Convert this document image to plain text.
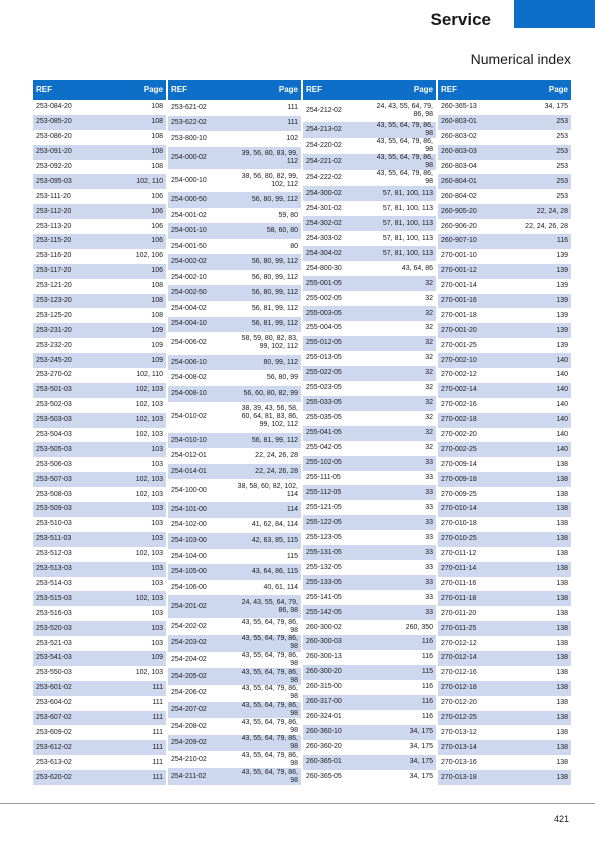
Service
Numerical index
REF	Page
253-084-20	108
253-085-20	108
253-086-20	108
253-091-20	108
253-092-20	108
253-095-03	102, 110
253-111-20	106
253-112-20	106
253-113-20	106
253-115-20	106
253-116-20	102, 106
253-117-20	106
253-121-20	108
253-123-20	108
253-125-20	108
253-231-20	109
253-232-20	109
253-245-20	109
253-270-02	102, 110
253-501-03	102, 103
253-502-03	102, 103
253-503-03	102, 103
253-504-03	102, 103
253-505-03	103
253-506-03	103
253-507-03	102, 103
253-508-03	102, 103
253-509-03	103
253-510-03	103
253-511-03	103
253-512-03	102, 103
253-513-03	103
253-514-03	103
253-515-03	102, 103
253-516-03	103
253-520-03	103
253-521-03	103
253-541-03	109
253-550-03	102, 103
253-601-02	111
253-604-02	111
253-607-02	111
253-609-02	111
253-612-02	111
253-613-02	111
253-620-02	111
REF	Page
253-621-02	111
253-622-02	111
253-800-10	102
254-000-02	39, 56, 80, 83, 99, 112
254-000-10	38, 56, 80, 82, 99, 102, 112
254-000-50	56, 80, 99, 112
254-001-02	59, 80
254-001-10	58, 60, 80
254-001-50	80
254-002-02	56, 80, 99, 112
254-002-10	56, 80, 99, 112
254-002-50	56, 80, 99, 112
254-004-02	56, 81, 99, 112
254-004-10	56, 81, 99, 112
254-006-02	58, 59, 80, 82, 83, 99, 102, 112
254-006-10	80, 99, 112
254-008-02	56, 80, 99
254-008-10	56, 60, 80, 82, 99
254-010-02	38, 39, 43, 56, 58, 60, 64, 81, 83, 86, 99, 102, 112
254-010-10	56, 81, 99, 112
254-012-01	22, 24, 26, 28
254-014-01	22, 24, 26, 28
254-100-00	38, 58, 60, 82, 102, 114
254-101-00	114
254-102-00	41, 62, 84, 114
254-103-00	42, 63, 85, 115
254-104-00	115
254-105-00	43, 64, 86, 115
254-106-00	40, 61, 114
254-201-02	24, 43, 55, 64, 79, 86, 98
254-202-02	43, 55, 64, 79, 86, 98
254-203-02	43, 55, 64, 79, 86, 98
254-204-02	43, 55, 64, 79, 86, 98
254-205-02	43, 55, 64, 79, 86, 98
254-206-02	43, 55, 64, 79, 86, 98
254-207-02	43, 55, 64, 79, 86, 98
254-208-02	43, 55, 64, 79, 86, 98
254-209-02	43, 55, 64, 79, 86, 98
254-210-02	43, 55, 64, 79, 86, 98
254-211-02	43, 55, 64, 79, 86, 98
REF	Page
254-212-02	24, 43, 55, 64, 79, 86, 98
254-213-02	43, 55, 64, 79, 86, 98
254-220-02	43, 55, 64, 79, 86, 98
254-221-02	43, 55, 64, 79, 86, 98
254-222-02	43, 55, 64, 79, 86, 98
254-300-02	57, 81, 100, 113
254-301-02	57, 81, 100, 113
254-302-02	57, 81, 100, 113
254-303-02	57, 81, 100, 113
254-304-02	57, 81, 100, 113
254-800-30	43, 64, 86
255-001-05	32
255-002-05	32
255-003-05	32
255-004-05	32
255-012-05	32
255-013-05	32
255-022-05	32
255-023-05	32
255-033-05	32
255-035-05	32
255-041-05	32
255-042-05	32
255-102-05	33
255-111-05	33
255-112-05	33
255-121-05	33
255-122-05	33
255-123-05	33
255-131-05	33
255-132-05	33
255-133-05	33
255-141-05	33
255-142-05	33
260-300-02	260, 350
260-300-03	116
260-300-13	116
260-300-20	115
260-315-00	116
260-317-00	116
260-324-01	116
260-360-10	34, 175
260-360-20	34, 175
260-365-01	34, 175
260-365-05	34, 175
REF	Page
260-365-13	34, 175
260-803-01	253
260-803-02	253
260-803-03	253
260-803-04	253
260-804-01	253
260-804-02	253
260-905-20	22, 24, 28
260-906-20	22, 24, 26, 28
260-907-10	116
270-001-10	139
270-001-12	139
270-001-14	139
270-001-16	139
270-001-18	139
270-001-20	139
270-001-25	139
270-002-10	140
270-002-12	140
270-002-14	140
270-002-16	140
270-002-18	140
270-002-20	140
270-002-25	140
270-009-14	138
270-009-18	138
270-009-25	138
270-010-14	138
270-010-18	138
270-010-25	138
270-011-12	138
270-011-14	138
270-011-16	138
270-011-18	138
270-011-20	138
270-011-25	138
270-012-12	138
270-012-14	138
270-012-16	138
270-012-18	138
270-012-20	138
270-012-25	138
270-013-12	138
270-013-14	138
270-013-16	138
270-013-18	138
421
